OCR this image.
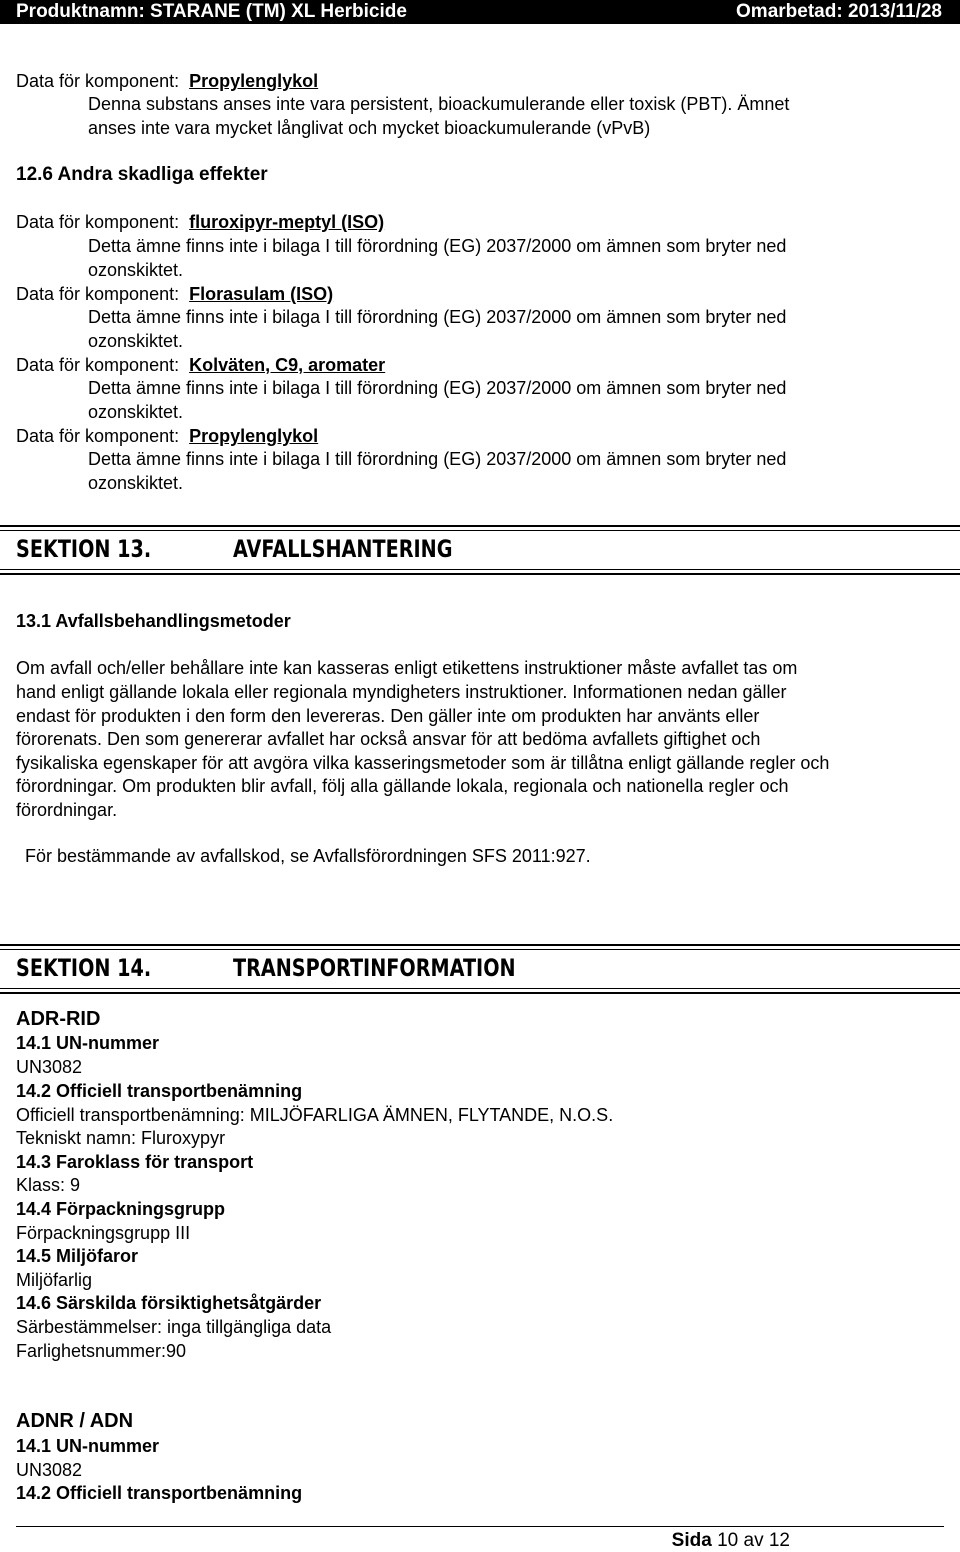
Produktnamn: STARANE (TM) XL Herbicide	Omarbetad: 2013/11/28
Data för komponent: Propylenglykol
Denna substans anses inte vara persistent, bioackumulerande eller toxisk (PBT). Ämnet
anses inte vara mycket långlivat och mycket bioackumulerande (vPvB)
12.6 Andra skadliga effekter
Data för komponent: fluroxipyr-meptyl (ISO)
Detta ämne finns inte i bilaga I till förordning (EG) 2037/2000 om ämnen som bryter ned
ozonskiktet.
Data för komponent: Florasulam (ISO)
Detta ämne finns inte i bilaga I till förordning (EG) 2037/2000 om ämnen som bryter ned
ozonskiktet.
Data för komponent: Kolväten, C9, aromater
Detta ämne finns inte i bilaga I till förordning (EG) 2037/2000 om ämnen som bryter ned
ozonskiktet.
Data för komponent: Propylenglykol
Detta ämne finns inte i bilaga I till förordning (EG) 2037/2000 om ämnen som bryter ned
ozonskiktet.
SEKTION 13.	AVFALLSHANTERING
13.1 Avfallsbehandlingsmetoder
Om avfall och/eller behållare inte kan kasseras enligt etikettens instruktioner måste avfallet tas om
hand enligt gällande lokala eller regionala myndigheters instruktioner. Informationen nedan gäller
endast för produkten i den form den levereras. Den gäller inte om produkten har använts eller
förorenats. Den som genererar avfallet har också ansvar för att bedöma avfallets giftighet och
fysikaliska egenskaper för att avgöra vilka kasseringsmetoder som är tillåtna enligt gällande regler och
förordningar. Om produkten blir avfall, följ alla gällande lokala, regionala och nationella regler och
förordningar.
För bestämmande av avfallskod, se Avfallsförordningen SFS 2011:927.
SEKTION 14.	TRANSPORTINFORMATION
ADR-RID
14.1 UN-nummer
UN3082
14.2 Officiell transportbenämning
Officiell transportbenämning: MILJÖFARLIGA ÄMNEN, FLYTANDE, N.O.S.
Tekniskt namn: Fluroxypyr
14.3 Faroklass för transport
Klass: 9
14.4 Förpackningsgrupp
Förpackningsgrupp III
14.5 Miljöfaror
Miljöfarlig
14.6 Särskilda försiktighetsåtgärder
Särbestämmelser: inga tillgängliga data
Farlighetsnummer:90
ADNR / ADN
14.1 UN-nummer
UN3082
14.2 Officiell transportbenämning
Sida 10 av 12
